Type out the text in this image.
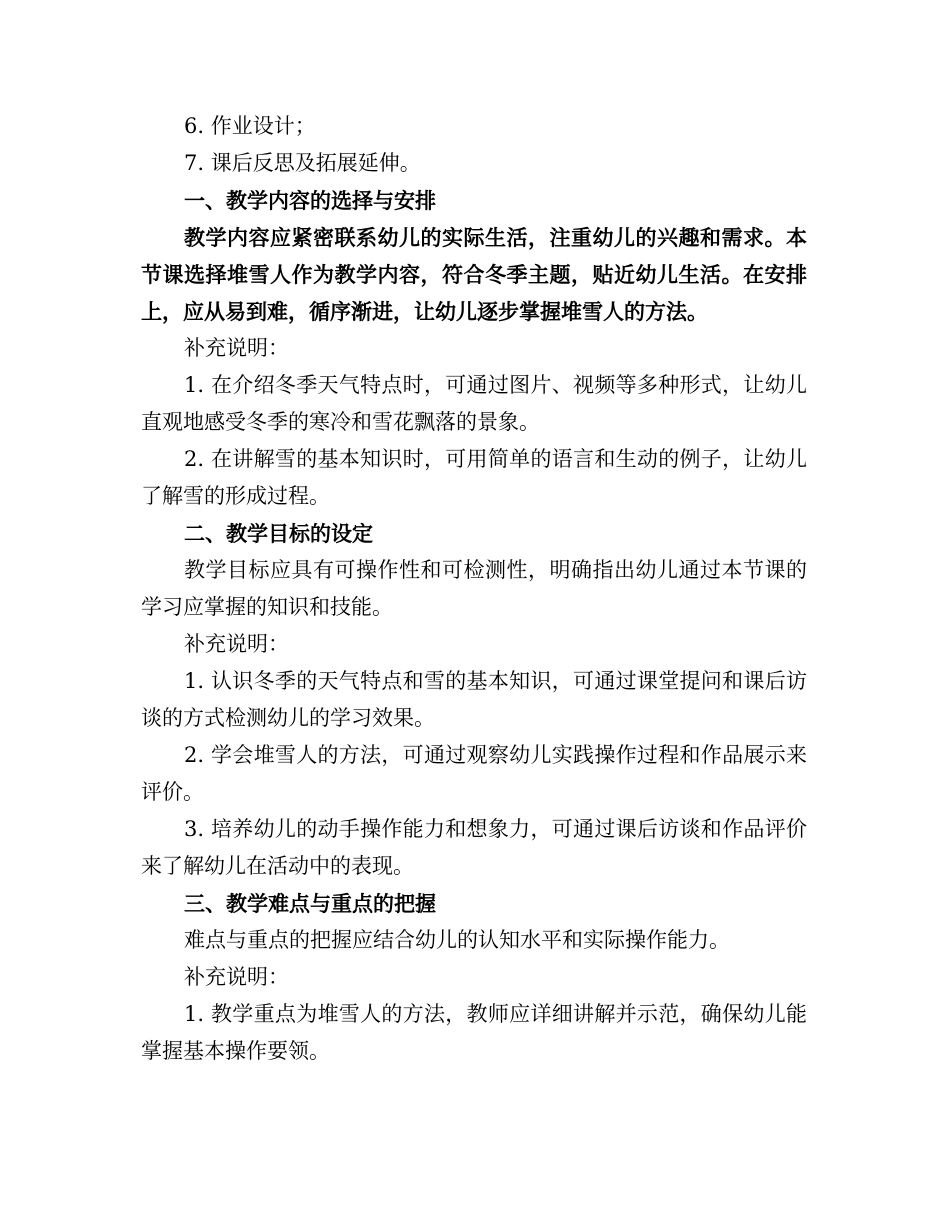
6. 作业设计；

7. 课后反思及拓展延伸。

一、教学内容的选择与安排

教学内容应紧密联系幼儿的实际生活，注重幼儿的兴趣和需求。本节课选择堆雪人作为教学内容，符合冬季主题，贴近幼儿生活。在安排上，应从易到难，循序渐进，让幼儿逐步掌握堆雪人的方法。

补充说明：

1. 在介绍冬季天气特点时，可通过图片、视频等多种形式，让幼儿直观地感受冬季的寒冷和雪花飘落的景象。

2. 在讲解雪的基本知识时，可用简单的语言和生动的例子，让幼儿了解雪的形成过程。

二、教学目标的设定

教学目标应具有可操作性和可检测性，明确指出幼儿通过本节课的学习应掌握的知识和技能。

补充说明：

1. 认识冬季的天气特点和雪的基本知识，可通过课堂提问和课后访谈的方式检测幼儿的学习效果。

2. 学会堆雪人的方法，可通过观察幼儿实践操作过程和作品展示来评价。

3. 培养幼儿的动手操作能力和想象力，可通过课后访谈和作品评价来了解幼儿在活动中的表现。

三、教学难点与重点的把握

难点与重点的把握应结合幼儿的认知水平和实际操作能力。

补充说明：

1. 教学重点为堆雪人的方法，教师应详细讲解并示范，确保幼儿能掌握基本操作要领。
